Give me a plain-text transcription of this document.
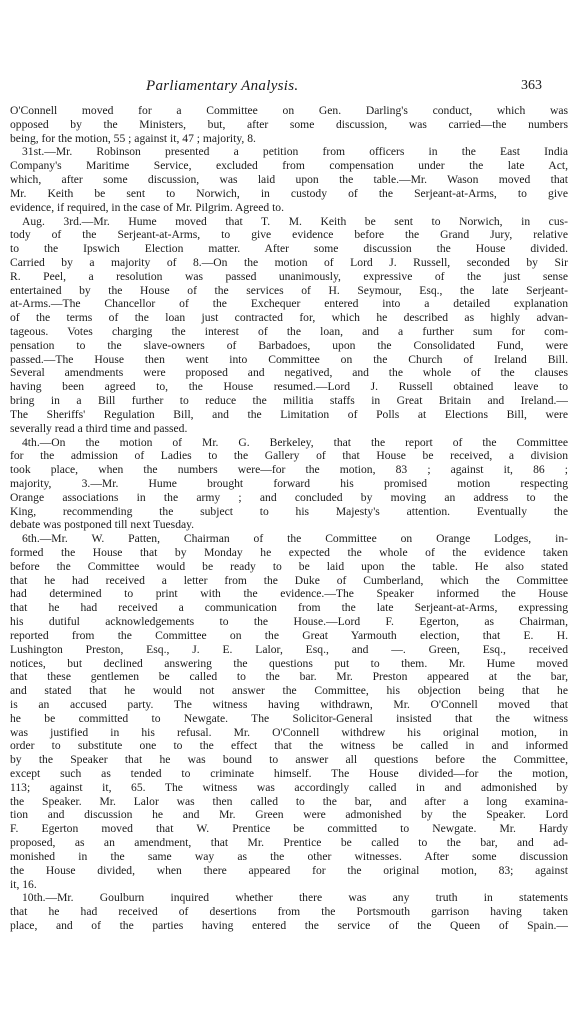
Parliamentary Analysis.	363
O'Connell moved for a Committee on Gen. Darling's conduct, which was
opposed by the Ministers, but, after some discussion, was carried—the numbers
being, for the motion, 55 ; against it, 47 ; majority, 8.
31st.—Mr. Robinson presented a petition from officers in the East India
Company's Maritime Service, excluded from compensation under the late Act,
which, after some discussion, was laid upon the table.—Mr. Wason moved that
Mr. Keith be sent to Norwich, in custody of the Serjeant-at-Arms, to give
evidence, if required, in the case of Mr. Pilgrim. Agreed to.
Aug. 3rd.—Mr. Hume moved that T. M. Keith be sent to Norwich, in cus-
tody of the Serjeant-at-Arms, to give evidence before the Grand Jury, relative
to the Ipswich Election matter. After some discussion the House divided.
Carried by a majority of 8.—On the motion of Lord J. Russell, seconded by Sir
R. Peel, a resolution was passed unanimously, expressive of the just sense
entertained by the House of the services of H. Seymour, Esq., the late Serjeant-
at-Arms.—The Chancellor of the Exchequer entered into a detailed explanation
of the terms of the loan just contracted for, which he described as highly advan-
tageous. Votes charging the interest of the loan, and a further sum for com-
pensation to the slave-owners of Barbadoes, upon the Consolidated Fund, were
passed.—The House then went into Committee on the Church of Ireland Bill.
Several amendments were proposed and negatived, and the whole of the clauses
having been agreed to, the House resumed.—Lord J. Russell obtained leave to
bring in a Bill further to reduce the militia staffs in Great Britain and Ireland.—
The Sheriffs' Regulation Bill, and the Limitation of Polls at Elections Bill, were
severally read a third time and passed.
4th.—On the motion of Mr. G. Berkeley, that the report of the Committee
for the admission of Ladies to the Gallery of that House be received, a division
took place, when the numbers were—for the motion, 83 ; against it, 86 ;
majority, 3.—Mr. Hume brought forward his promised motion respecting
Orange associations in the army ; and concluded by moving an address to the
King, recommending the subject to his Majesty's attention. Eventually the
debate was postponed till next Tuesday.
6th.—Mr. W. Patten, Chairman of the Committee on Orange Lodges, in-
formed the House that by Monday he expected the whole of the evidence taken
before the Committee would be ready to be laid upon the table. He also stated
that he had received a letter from the Duke of Cumberland, which the Committee
had determined to print with the evidence.—The Speaker informed the House
that he had received a communication from the late Serjeant-at-Arms, expressing
his dutiful acknowledgements to the House.—Lord F. Egerton, as Chairman,
reported from the Committee on the Great Yarmouth election, that E. H.
Lushington Preston, Esq., J. E. Lalor, Esq., and —. Green, Esq., received
notices, but declined answering the questions put to them. Mr. Hume moved
that these gentlemen be called to the bar. Mr. Preston appeared at the bar,
and stated that he would not answer the Committee, his objection being that he
is an accused party. The witness having withdrawn, Mr. O'Connell moved that
he be committed to Newgate. The Solicitor-General insisted that the witness
was justified in his refusal. Mr. O'Connell withdrew his original motion, in
order to substitute one to the effect that the witness be called in and informed
by the Speaker that he was bound to answer all questions before the Committee,
except such as tended to criminate himself. The House divided—for the motion,
113; against it, 65. The witness was accordingly called in and admonished by
the Speaker. Mr. Lalor was then called to the bar, and after a long examina-
tion and discussion he and Mr. Green were admonished by the Speaker. Lord
F. Egerton moved that W. Prentice be committed to Newgate. Mr. Hardy
proposed, as an amendment, that Mr. Prentice be called to the bar, and ad-
monished in the same way as the other witnesses. After some discussion
the House divided, when there appeared for the original motion, 83; against
it, 16.
10th.—Mr. Goulburn inquired whether there was any truth in statements
that he had received of desertions from the Portsmouth garrison having taken
place, and of the parties having entered the service of the Queen of Spain.—
